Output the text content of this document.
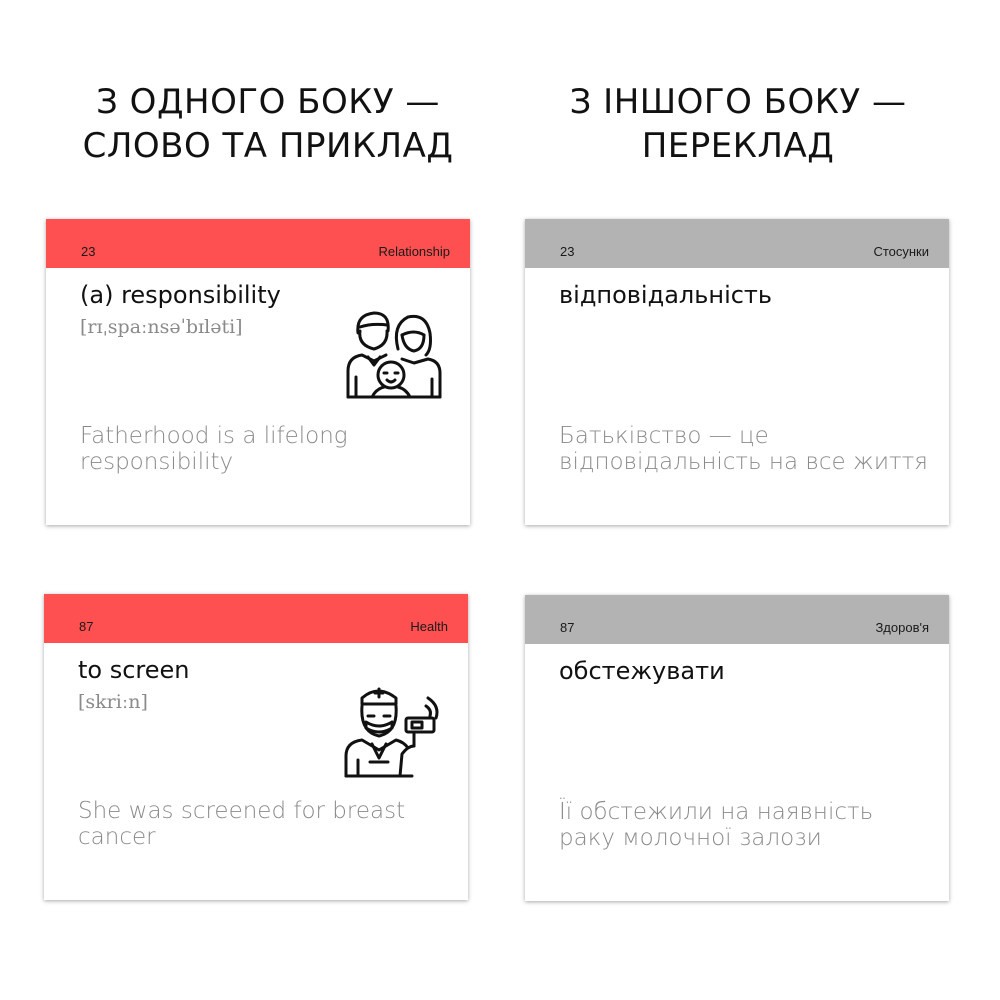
З ОДНОГО БОКУ —
СЛОВО ТА ПРИКЛАД
З ІНШОГО БОКУ —
ПЕРЕКЛАД
23	Relationship
(a) responsibility
[rɪˌspaːnsəˈbɪləti]
Fatherhood is a lifelong responsibility
23	Стосунки
відповідальність
Батьківство — це відповідальність на все життя
87	Health
to screen
[skriːn]
She was screened for breast cancer
87	Здоров'я
обстежувати
Її обстежили на наявність раку молочної залози
